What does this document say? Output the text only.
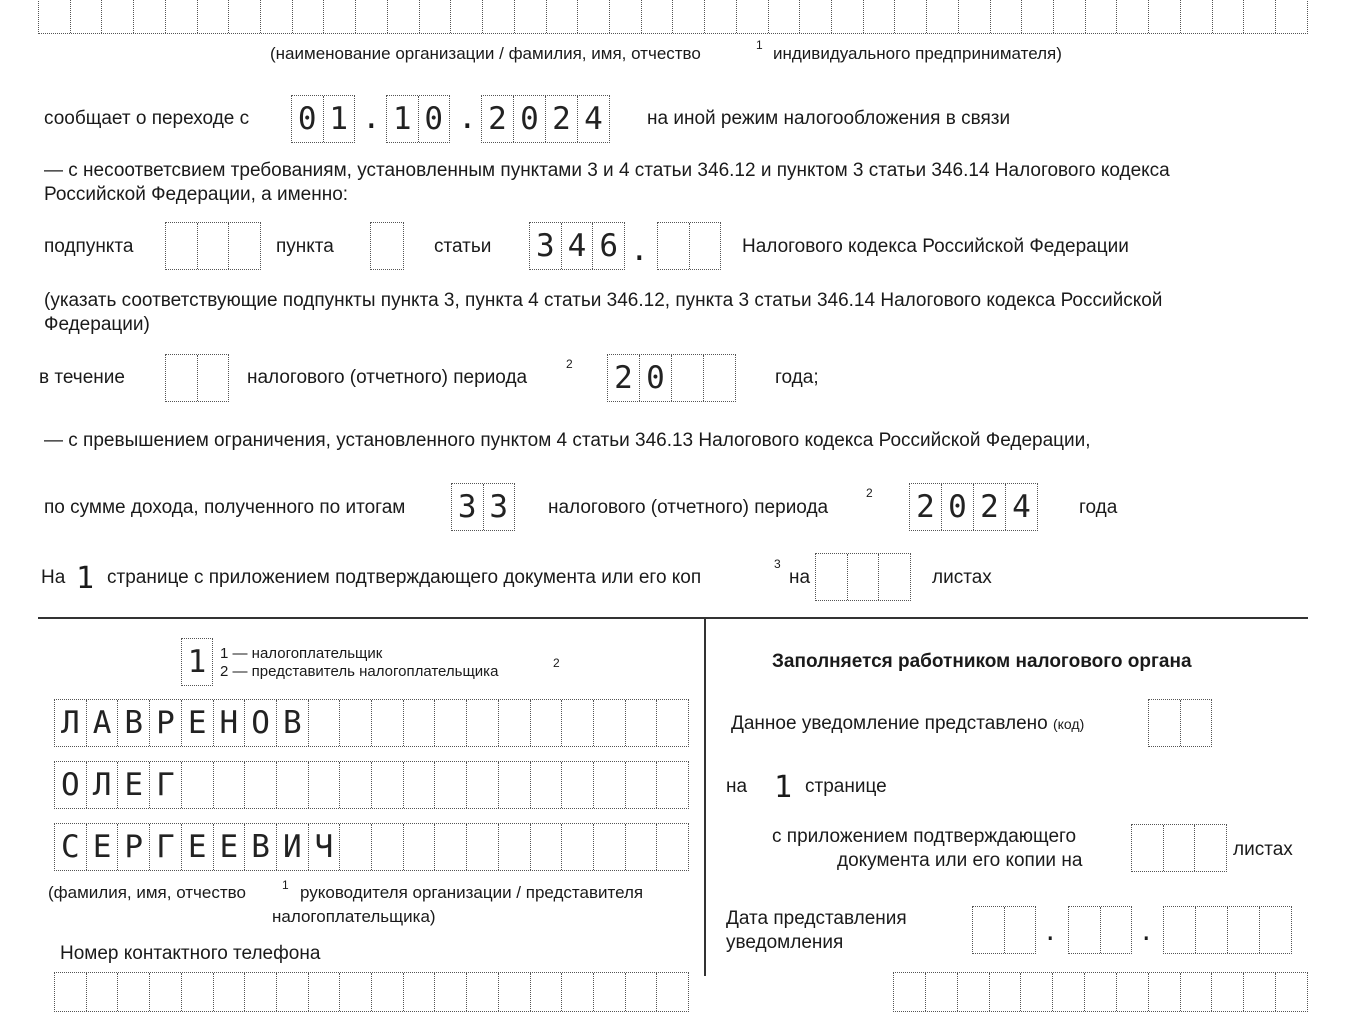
(наименование организации / фамилия, имя, отчество	1 индивидуального предпринимателя)
сообщает о переходе с 0 1 . 1 0 . 2 0 2 4	на иной режим налогообложения в связи
— с несоответсвием требованиям, установленным пунктами 3 и 4 статьи 346.12 и пунктом 3 статьи 346.14 Налогового кодекса
Российской Федерации, а именно:
подпункта	пункта	статьи 3 4 6 .	Налогового кодекса Российской Федерации
(указать соответствующие подпункты пункта 3, пункта 4 статьи 346.12, пункта 3 статьи 346.14 Налогового кодекса Российской
Федерации)
в течение	налогового (отчетного) периода
2 2 0	года;
— с превышением ограничения, установленного пунктом 4 статьи 346.13 Налогового кодекса Российской Федерации,
по сумме дохода, полученного по итогам 3 3	налогового (отчетного) периода
2 2 0 2 4	года
На 1 странице с приложением подтверждающего документа или его коп
3
на	листах
1 1 — налогоплательщик
2 — представитель налогоплательщика	2
Л А В Р Е Н О В
О Л Е Г
С Е Р Г Е Е В И Ч
(фамилия, имя, отчество	1 руководителя организации / представителя
налогоплательщика)
Номер контактного телефона
Заполняется работником налогового органа
Данное уведомление представлено (код)
на 1 странице
с приложением подтверждающего
документа или его копии на
листах
Дата представления
уведомления	.	.
